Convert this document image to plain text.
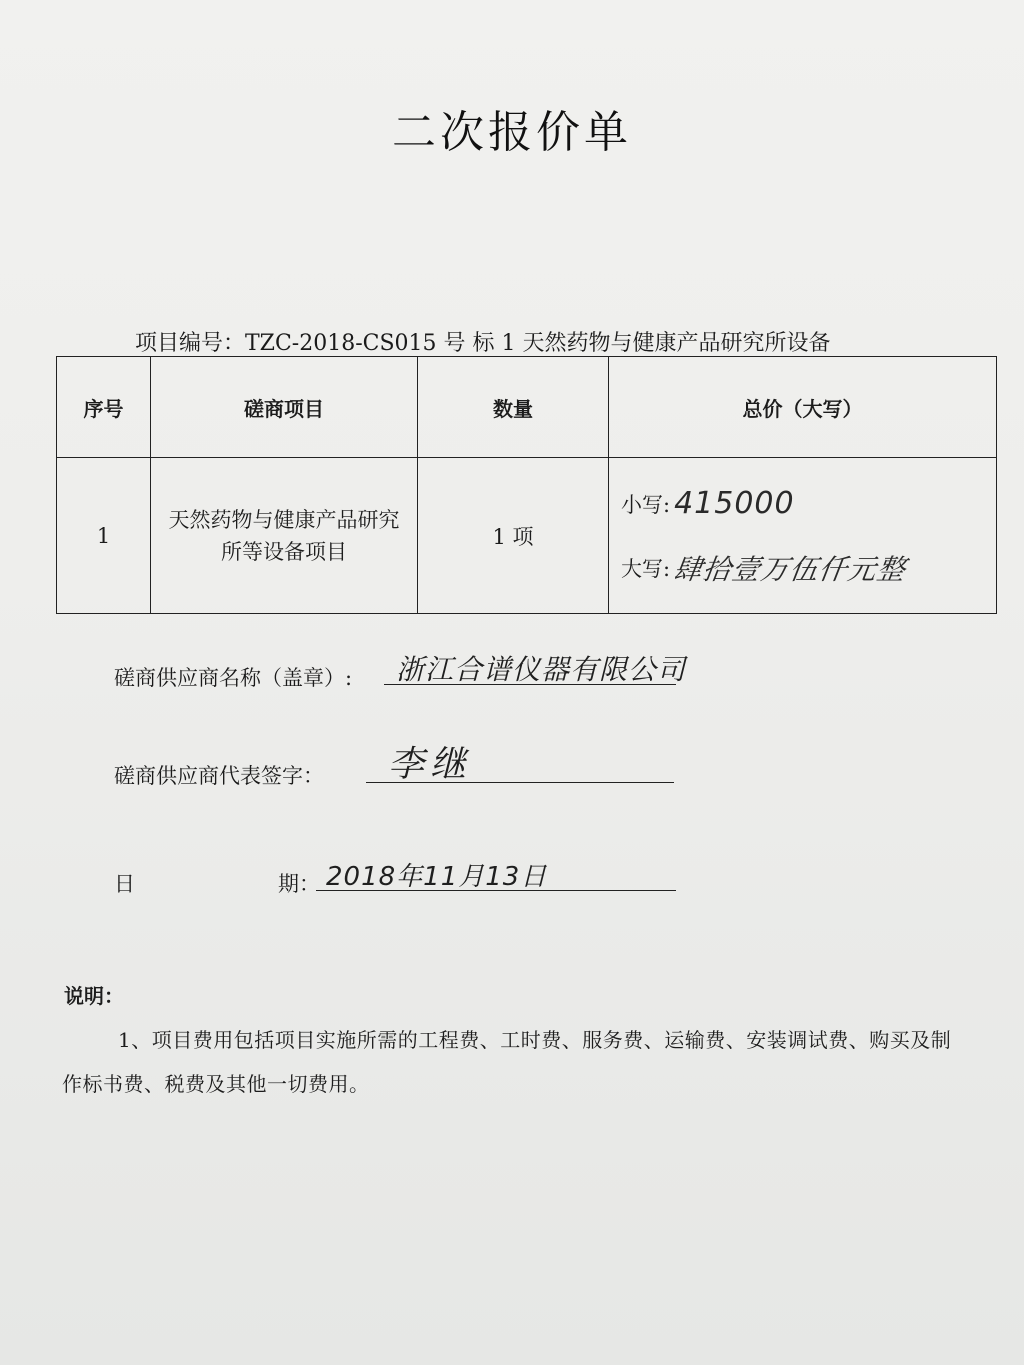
二次报价单
项目编号：TZC-2018-CS015 号 标 1 天然药物与健康产品研究所设备
序号	磋商项目	数量	总价（大写）
1	天然药物与健康产品研究所等设备项目	1 项	小写: 415000
大写: 肆拾壹万伍仟元整
磋商供应商名称（盖章）: 浙江合谱仪器有限公司
磋商供应商代表签字： 李继
日	期： 2018年11月13日
说明：
1、项目费用包括项目实施所需的工程费、工时费、服务费、运输费、安装调试费、购买及制作标书费、税费及其他一切费用。
